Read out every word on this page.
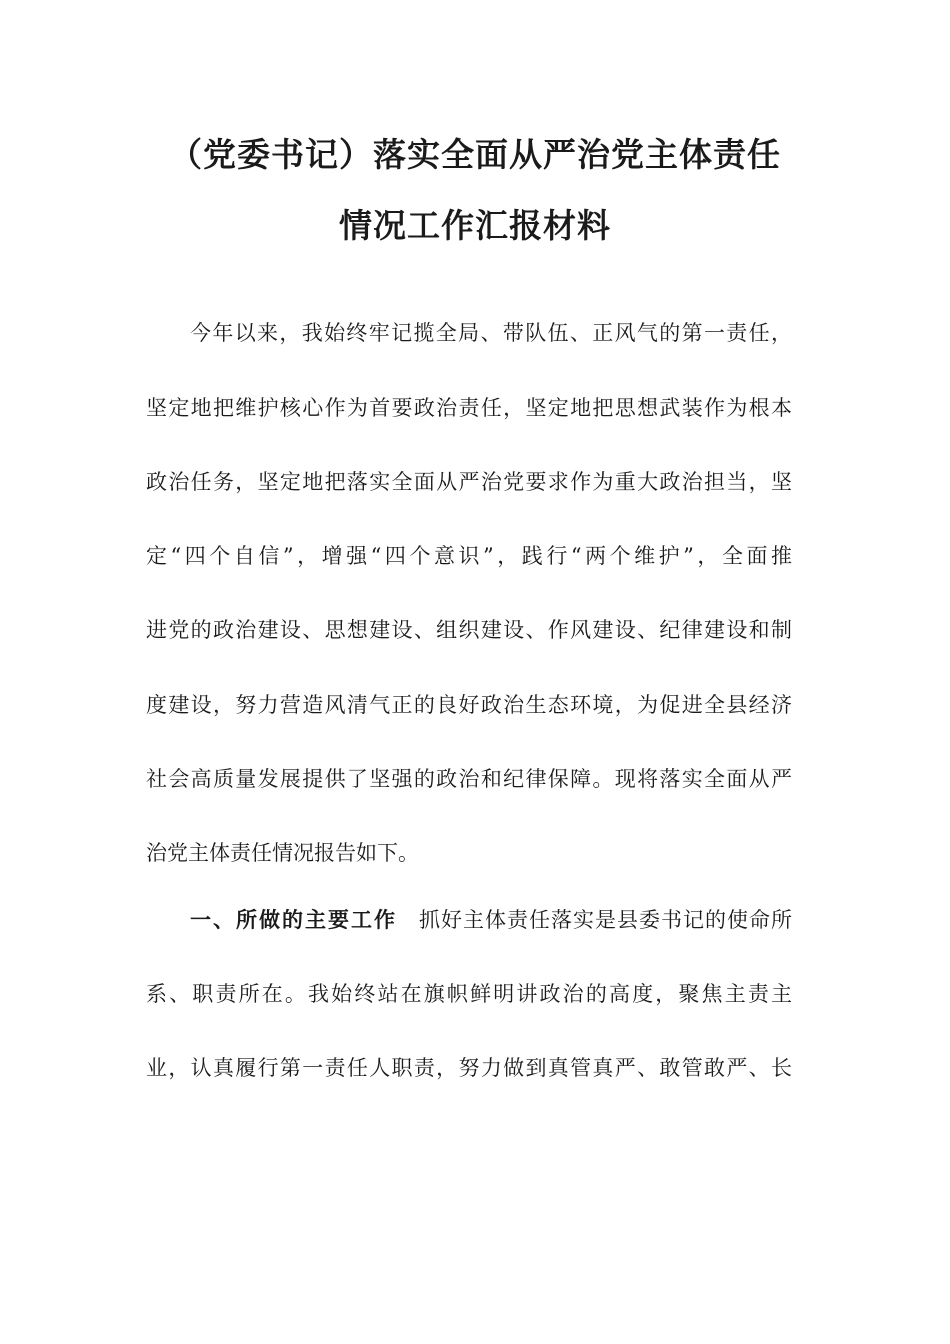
（党委书记）落实全面从严治党主体责任
情况工作汇报材料
今年以来，我始终牢记揽全局、带队伍、正风气的第一责任，
坚定地把维护核心作为首要政治责任，坚定地把思想武装作为根本
政治任务，坚定地把落实全面从严治党要求作为重大政治担当，坚
定“四个自信”，增强“四个意识”，践行“两个维护”，全面推
进党的政治建设、思想建设、组织建设、作风建设、纪律建设和制
度建设，努力营造风清气正的良好政治生态环境，为促进全县经济
社会高质量发展提供了坚强的政治和纪律保障。现将落实全面从严
治党主体责任情况报告如下。
一、所做的主要工作　 抓好主体责任落实是县委书记的使命所
系、职责所在。我始终站在旗帜鲜明讲政治的高度，聚焦主责主
业，认真履行第一责任人职责，努力做到真管真严、敢管敢严、长
